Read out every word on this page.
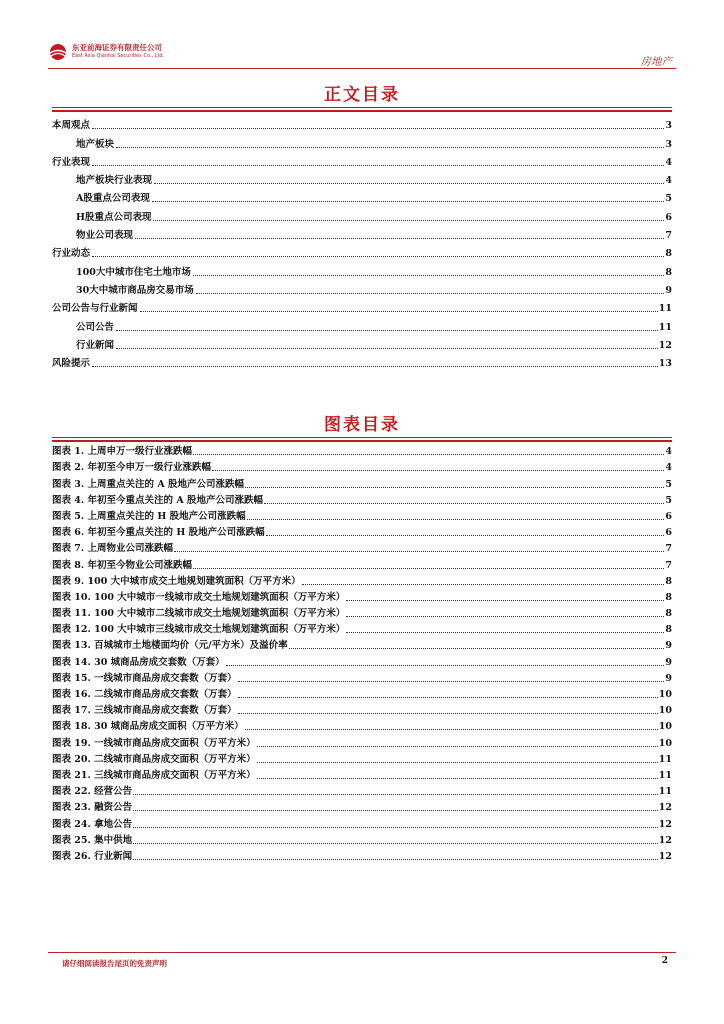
东亚前海证券有限责任公司
East Asia Qianhai Securities Co., Ltd.	房地产
正文目录
本周观点	3
地产板块	3
行业表现	4
地产板块行业表现	4
A股重点公司表现	5
H股重点公司表现	6
物业公司表现	7
行业动态	8
100大中城市住宅土地市场	8
30大中城市商品房交易市场	9
公司公告与行业新闻	11
公司公告	11
行业新闻	12
风险提示	13
图表目录
图表 1. 上周申万一级行业涨跌幅	4
图表 2. 年初至今申万一级行业涨跌幅	4
图表 3. 上周重点关注的 A 股地产公司涨跌幅	5
图表 4. 年初至今重点关注的 A 股地产公司涨跌幅	5
图表 5. 上周重点关注的 H 股地产公司涨跌幅	6
图表 6. 年初至今重点关注的 H 股地产公司涨跌幅	6
图表 7. 上周物业公司涨跌幅	7
图表 8. 年初至今物业公司涨跌幅	7
图表 9. 100 大中城市成交土地规划建筑面积（万平方米）	8
图表 10. 100 大中城市一线城市成交土地规划建筑面积（万平方米）	8
图表 11. 100 大中城市二线城市成交土地规划建筑面积（万平方米）	8
图表 12. 100 大中城市三线城市成交土地规划建筑面积（万平方米）	8
图表 13. 百城城市土地楼面均价（元/平方米）及溢价率	9
图表 14. 30 城商品房成交套数（万套）	9
图表 15. 一线城市商品房成交套数（万套）	9
图表 16. 二线城市商品房成交套数（万套）	10
图表 17. 三线城市商品房成交套数（万套）	10
图表 18. 30 城商品房成交面积（万平方米）	10
图表 19. 一线城市商品房成交面积（万平方米）	10
图表 20. 二线城市商品房成交面积（万平方米）	11
图表 21. 三线城市商品房成交面积（万平方米）	11
图表 22. 经营公告	11
图表 23. 融资公告	12
图表 24. 拿地公告	12
图表 25. 集中供地	12
图表 26. 行业新闻	12
请仔细阅读报告尾页的免责声明	2
